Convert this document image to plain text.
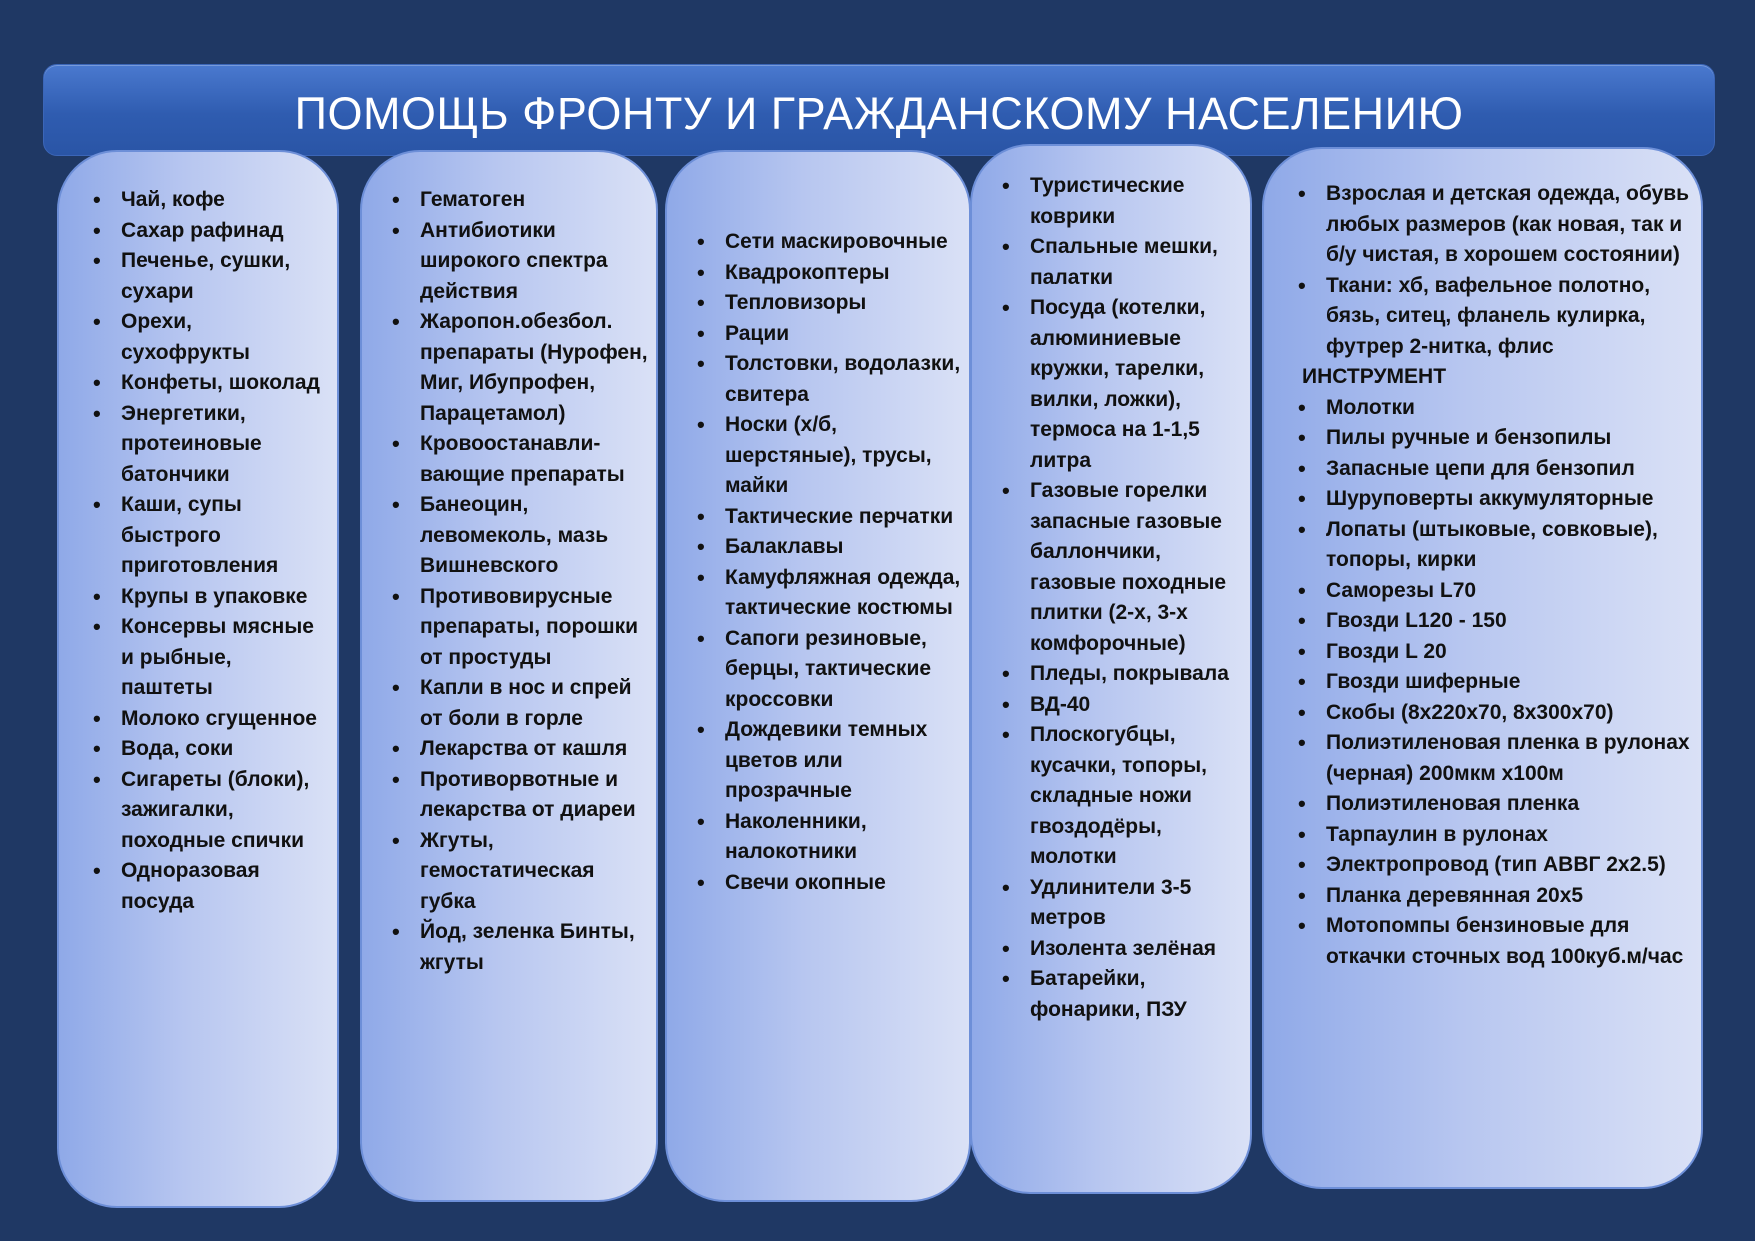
ПОМОЩЬ ФРОНТУ И ГРАЖДАНСКОМУ НАСЕЛЕНИЮ
• Чай, кофе
• Сахар рафинад
• Печенье, сушки, сухари
• Орехи, сухофрукты
• Конфеты, шоколад
• Энергетики, протеиновые батончики
• Каши, супы быстрого приготовления
• Крупы в упаковке
• Консервы мясные и рыбные, паштеты
• Молоко сгущенное
• Вода, соки
• Сигареты (блоки), зажигалки, походные спички
• Одноразовая посуда
• Гематоген
• Антибиотики широкого спектра действия
• Жаропон.обезбол. препараты (Нурофен, Миг, Ибупрофен, Парацетамол)
• Кровоостанавли-вающие препараты
• Банеоцин, левомеколь, мазь Вишневского
• Противовирусные препараты, порошки от простуды
• Капли в нос и спрей от боли в горле
• Лекарства от кашля
• Противорвотные и лекарства от диареи
• Жгуты, гемостатическая губка
• Йод, зеленка Бинты, жгуты
• Сети маскировочные
• Квадрокоптеры
• Тепловизоры
• Рации
• Толстовки, водолазки, свитера
• Носки (х/б, шерстяные), трусы, майки
• Тактические перчатки
• Балаклавы
• Камуфляжная одежда, тактические костюмы
• Сапоги резиновые, берцы, тактические кроссовки
• Дождевики темных цветов или прозрачные
• Наколенники, налокотники
• Свечи окопные
• Туристические коврики
• Спальные мешки, палатки
• Посуда (котелки, алюминиевые кружки, тарелки, вилки, ложки), термоса на 1-1,5 литра
• Газовые горелки запасные газовые баллончики, газовые походные плитки (2-х, 3-х комфорочные)
• Пледы, покрывала
• ВД-40
• Плоскогубцы, кусачки, топоры, складные ножи гвоздодёры, молотки
• Удлинители 3-5 метров
• Изолента зелёная
• Батарейки, фонарики, ПЗУ
• Взрослая и детская одежда, обувь любых размеров (как новая, так и б/у чистая, в хорошем состоянии)
• Ткани: хб, вафельное полотно, бязь, ситец, фланель кулирка, футрер 2-нитка, флис
ИНСТРУМЕНТ
• Молотки
• Пилы ручные и бензопилы
• Запасные цепи для бензопил
• Шуруповерты аккумуляторные
• Лопаты (штыковые, совковые), топоры, кирки
• Саморезы L70
• Гвозди L120 - 150
• Гвозди L 20
• Гвозди шиферные
• Скобы (8х220х70, 8х300х70)
• Полиэтиленовая пленка в рулонах (черная) 200мкм х100м
• Полиэтиленовая пленка
• Тарпаулин в рулонах
• Электропровод (тип АВВГ 2х2.5)
• Планка деревянная 20х5
• Мотопомпы бензиновые для откачки сточных вод 100куб.м/час
